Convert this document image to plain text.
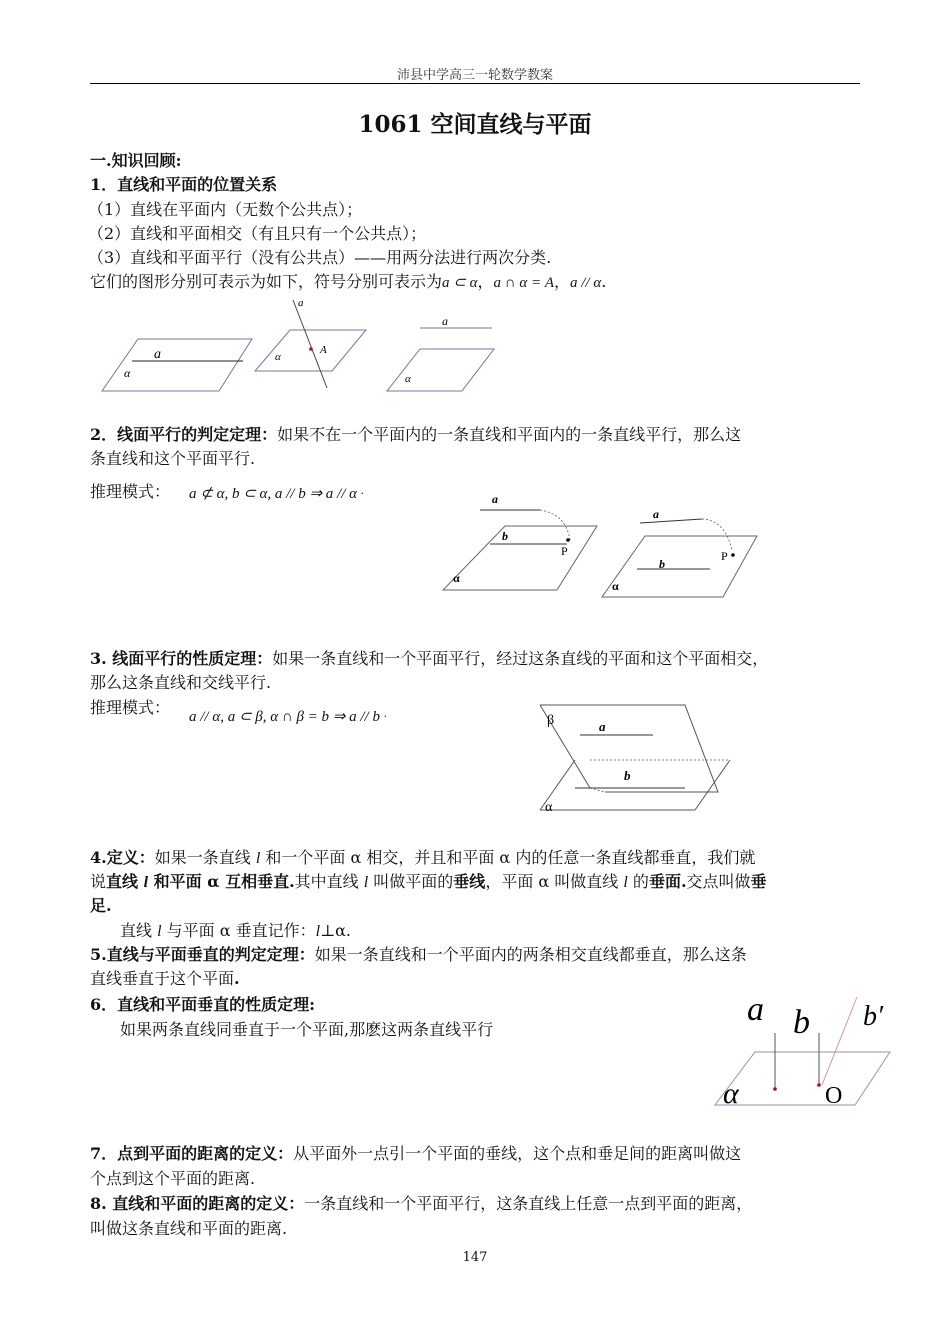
沛县中学高三一轮数学教案
1061 空间直线与平面
一.知识回顾:
1．直线和平面的位置关系
（1）直线在平面内（无数个公共点）；
（2）直线和平面相交（有且只有一个公共点）；
（3）直线和平面平行（没有公共点）——用两分法进行两次分类.
它们的图形分别可表示为如下，符号分别可表示为a ⊂ α，a ∩ α = A，a // α.
a
α
a
A
α
a
α
2．线面平行的判定定理：如果不在一个平面内的一条直线和平面内的一条直线平行，那么这
条直线和这个平面平行.
推理模式： a ⊄ α, b ⊂ α, a // b ⇒ a // α .
a
b
P
α
a
b
P
α
3. 线面平行的性质定理：如果一条直线和一个平面平行，经过这条直线的平面和这个平面相交，
那么这条直线和交线平行.
推理模式： a // α, a ⊂ β, α ∩ β = b ⇒ a // b .	β	a
b
α
4.定义：如果一条直线 l 和一个平面 α 相交，并且和平面 α 内的任意一条直线都垂直，我们就
说直线 l 和平面 α 互相垂直.其中直线 l 叫做平面的垂线，平面 α 叫做直线 l 的垂面.交点叫做垂
足.
直线 l 与平面 α 垂直记作：l⊥α.
5.直线与平面垂直的判定定理：如果一条直线和一个平面内的两条相交直线都垂直，那么这条
直线垂直于这个平面.
6．直线和平面垂直的性质定理:
如果两条直线同垂直于一个平面,那麽这两条直线平行
a b b′
α	O
7．点到平面的距离的定义：从平面外一点引一个平面的垂线，这个点和垂足间的距离叫做这
个点到这个平面的距离.
8. 直线和平面的距离的定义：一条直线和一个平面平行，这条直线上任意一点到平面的距离，
叫做这条直线和平面的距离.
147
